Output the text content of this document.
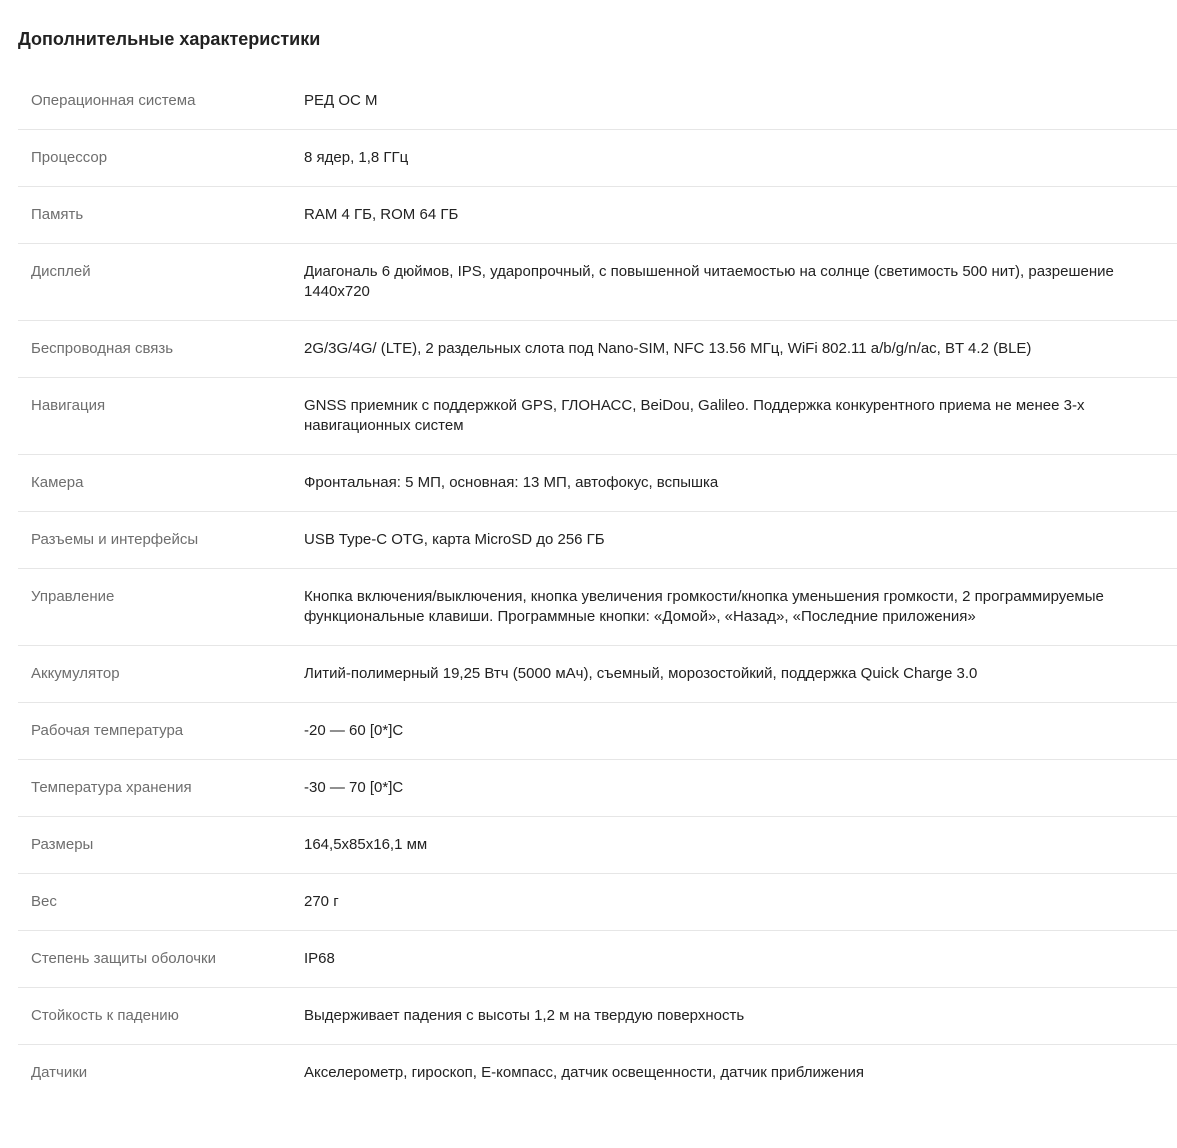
Дополнительные характеристики
Операционная система	РЕД ОС М
Процессор	8 ядер, 1,8 ГГц
Память	RAM 4 ГБ, ROM 64 ГБ
Дисплей	Диагональ 6 дюймов, IPS, ударопрочный, с повышенной читаемостью на солнце (светимость 500 нит), разрешение 1440х720
Беспроводная связь	2G/3G/4G/ (LTE), 2 раздельных слота под Nano-SIM, NFC 13.56 МГц, WiFi 802.11 a/b/g/n/ac, BT 4.2 (BLE)
Навигация	GNSS приемник с поддержкой GPS, ГЛОНАСС, BeiDou, Galileo. Поддержка конкурентного приема не менее 3-х навигационных систем
Камера	Фронтальная: 5 МП, основная: 13 МП, автофокус, вспышка
Разъемы и интерфейсы	USB Type-C OTG, карта MicroSD до 256 ГБ
Управление	Кнопка включения/выключения, кнопка увеличения громкости/кнопка уменьшения громкости, 2 программируемые функциональные клавиши. Программные кнопки: «Домой», «Назад», «Последние приложения»
Аккумулятор	Литий-полимерный 19,25 Втч (5000 мАч), съемный, морозостойкий, поддержка Quick Charge 3.0
Рабочая температура	-20 — 60 [0*]C
Температура хранения	-30 — 70 [0*]C
Размеры	164,5х85х16,1 мм
Вес	270 г
Степень защиты оболочки	IP68
Стойкость к падению	Выдерживает падения с высоты 1,2 м на твердую поверхность
Датчики	Акселерометр, гироскоп, E-компасс, датчик освещенности, датчик приближения
